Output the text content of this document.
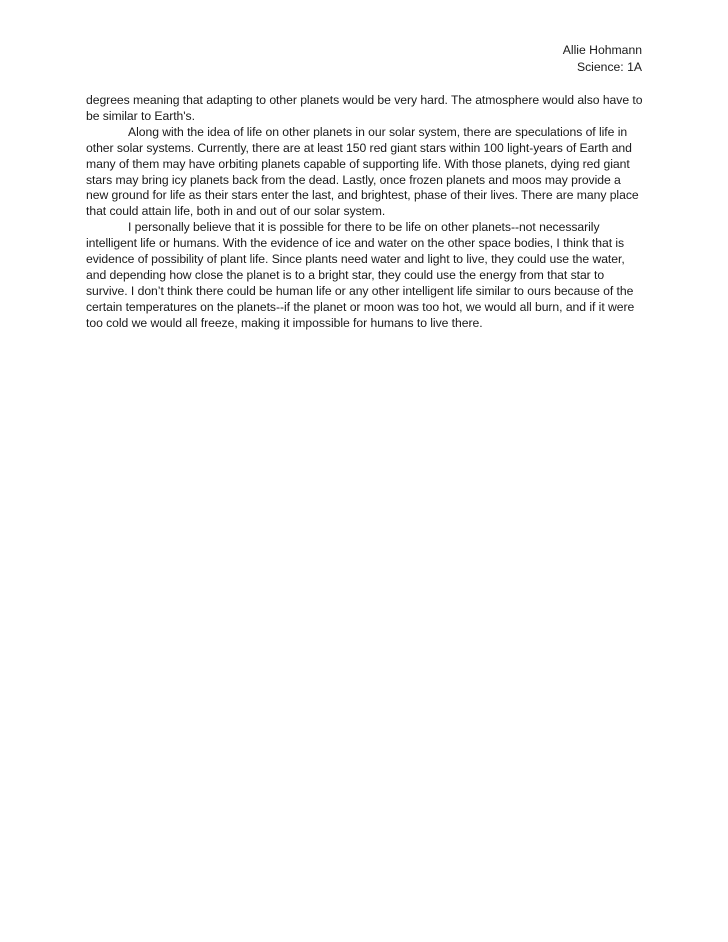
Allie Hohmann
Science: 1A

degrees meaning that adapting to other planets would be very hard. The atmosphere would also have to be similar to Earth's.

Along with the idea of life on other planets in our solar system, there are speculations of life in other solar systems. Currently, there are at least 150 red giant stars within 100 light-years of Earth and many of them may have orbiting planets capable of supporting life. With those planets, dying red giant stars may bring icy planets back from the dead. Lastly, once frozen planets and moos may provide a new ground for life as their stars enter the last, and brightest, phase of their lives. There are many place that could attain life, both in and out of our solar system.

I personally believe that it is possible for there to be life on other planets--not necessarily intelligent life or humans. With the evidence of ice and water on the other space bodies, I think that is evidence of possibility of plant life. Since plants need water and light to live, they could use the water, and depending how close the planet is to a bright star, they could use the energy from that star to survive. I don’t think there could be human life or any other intelligent life similar to ours because of the certain temperatures on the planets--if the planet or moon was too hot, we would all burn, and if it were too cold we would all freeze, making it impossible for humans to live there.
